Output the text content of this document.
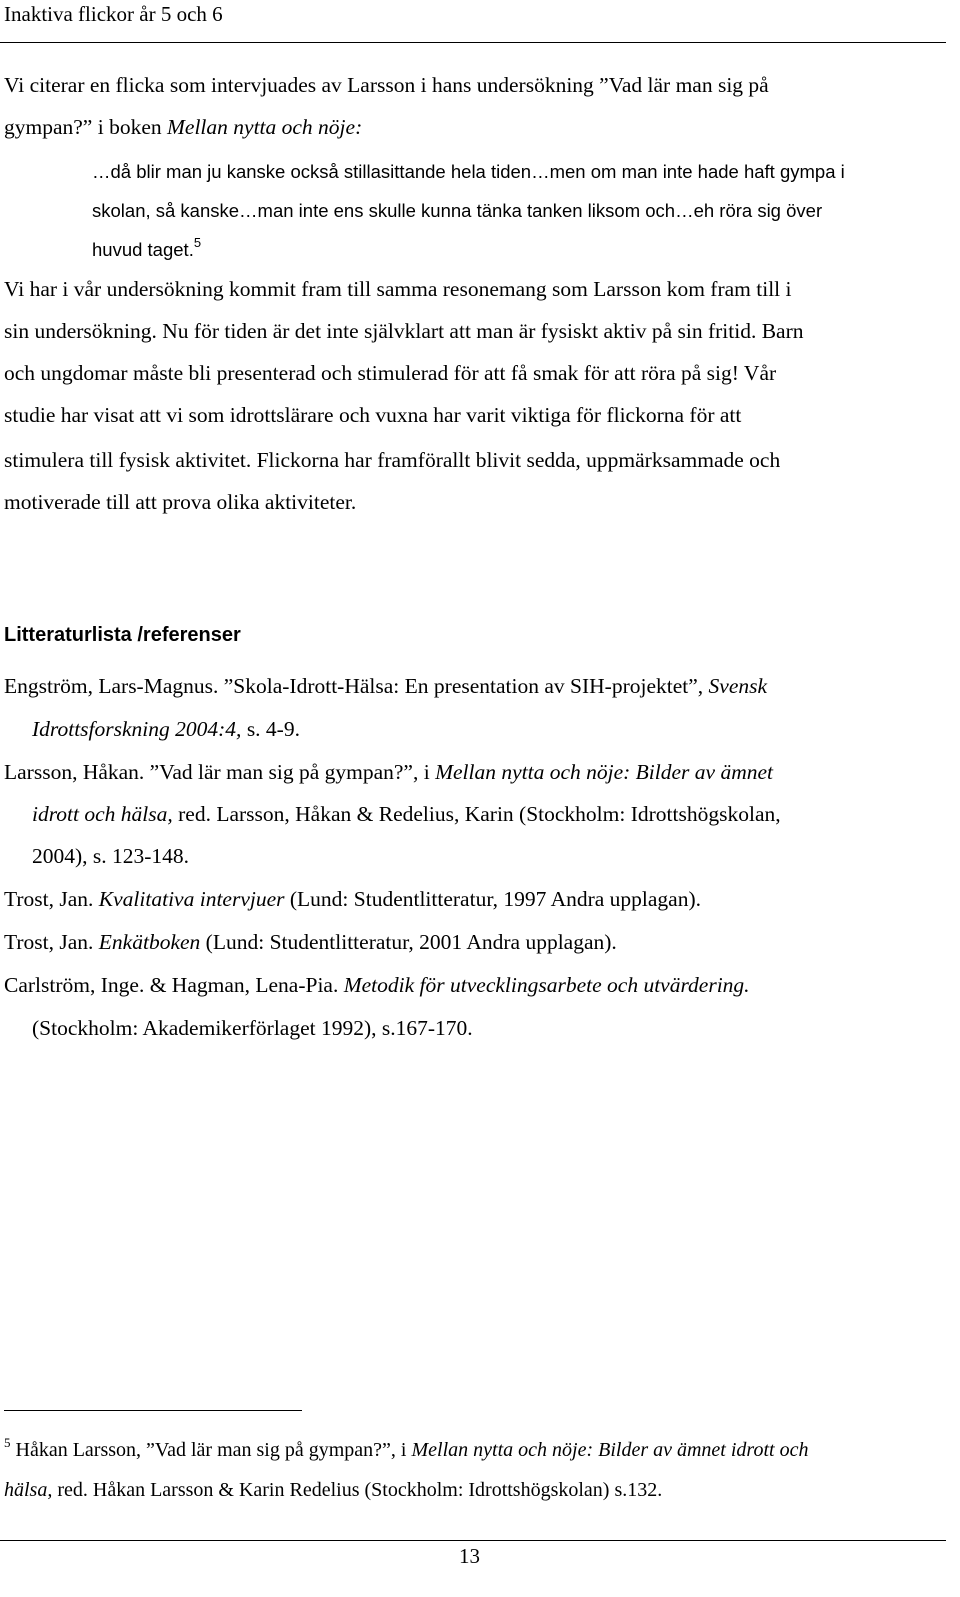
Inaktiva flickor år 5 och 6
Vi citerar en flicka som intervjuades av Larsson i hans undersökning ”Vad lär man sig på
gympan?” i boken Mellan nytta och nöje:
…då blir man ju kanske också stillasittande hela tiden…men om man inte hade haft gympa i
skolan, så kanske…man inte ens skulle kunna tänka tanken liksom och…eh röra sig över
huvud taget.$^5$
Vi har i vår undersökning kommit fram till samma resonemang som Larsson kom fram till i
sin undersökning. Nu för tiden är det inte självklart att man är fysiskt aktiv på sin fritid. Barn
och ungdomar måste bli presenterad och stimulerad för att få smak för att röra på sig! Vår
studie har visat att vi som idrottslärare och vuxna har varit viktiga för flickorna för att
stimulera till fysisk aktivitet. Flickorna har framförallt blivit sedda, uppmärksammade och
motiverade till att prova olika aktiviteter.
Litteraturlista /referenser
Engström, Lars-Magnus. ”Skola-Idrott-Hälsa: En presentation av SIH-projektet”, Svensk
Idrottsforskning 2004:4, s. 4-9.
Larsson, Håkan. ”Vad lär man sig på gympan?”, i Mellan nytta och nöje: Bilder av ämnet
idrott och hälsa, red. Larsson, Håkan & Redelius, Karin (Stockholm: Idrottshögskolan,
2004), s. 123-148.
Trost, Jan. Kvalitativa intervjuer (Lund: Studentlitteratur, 1997 Andra upplagan).
Trost, Jan. Enkätboken (Lund: Studentlitteratur, 2001 Andra upplagan).
Carlström, Inge. & Hagman, Lena-Pia. Metodik för utvecklingsarbete och utvärdering.
(Stockholm: Akademikerförlaget 1992), s.167-170.
$^5$ Håkan Larsson, ”Vad lär man sig på gympan?”, i Mellan nytta och nöje: Bilder av ämnet idrott och
hälsa, red. Håkan Larsson & Karin Redelius (Stockholm: Idrottshögskolan) s.132.
13
